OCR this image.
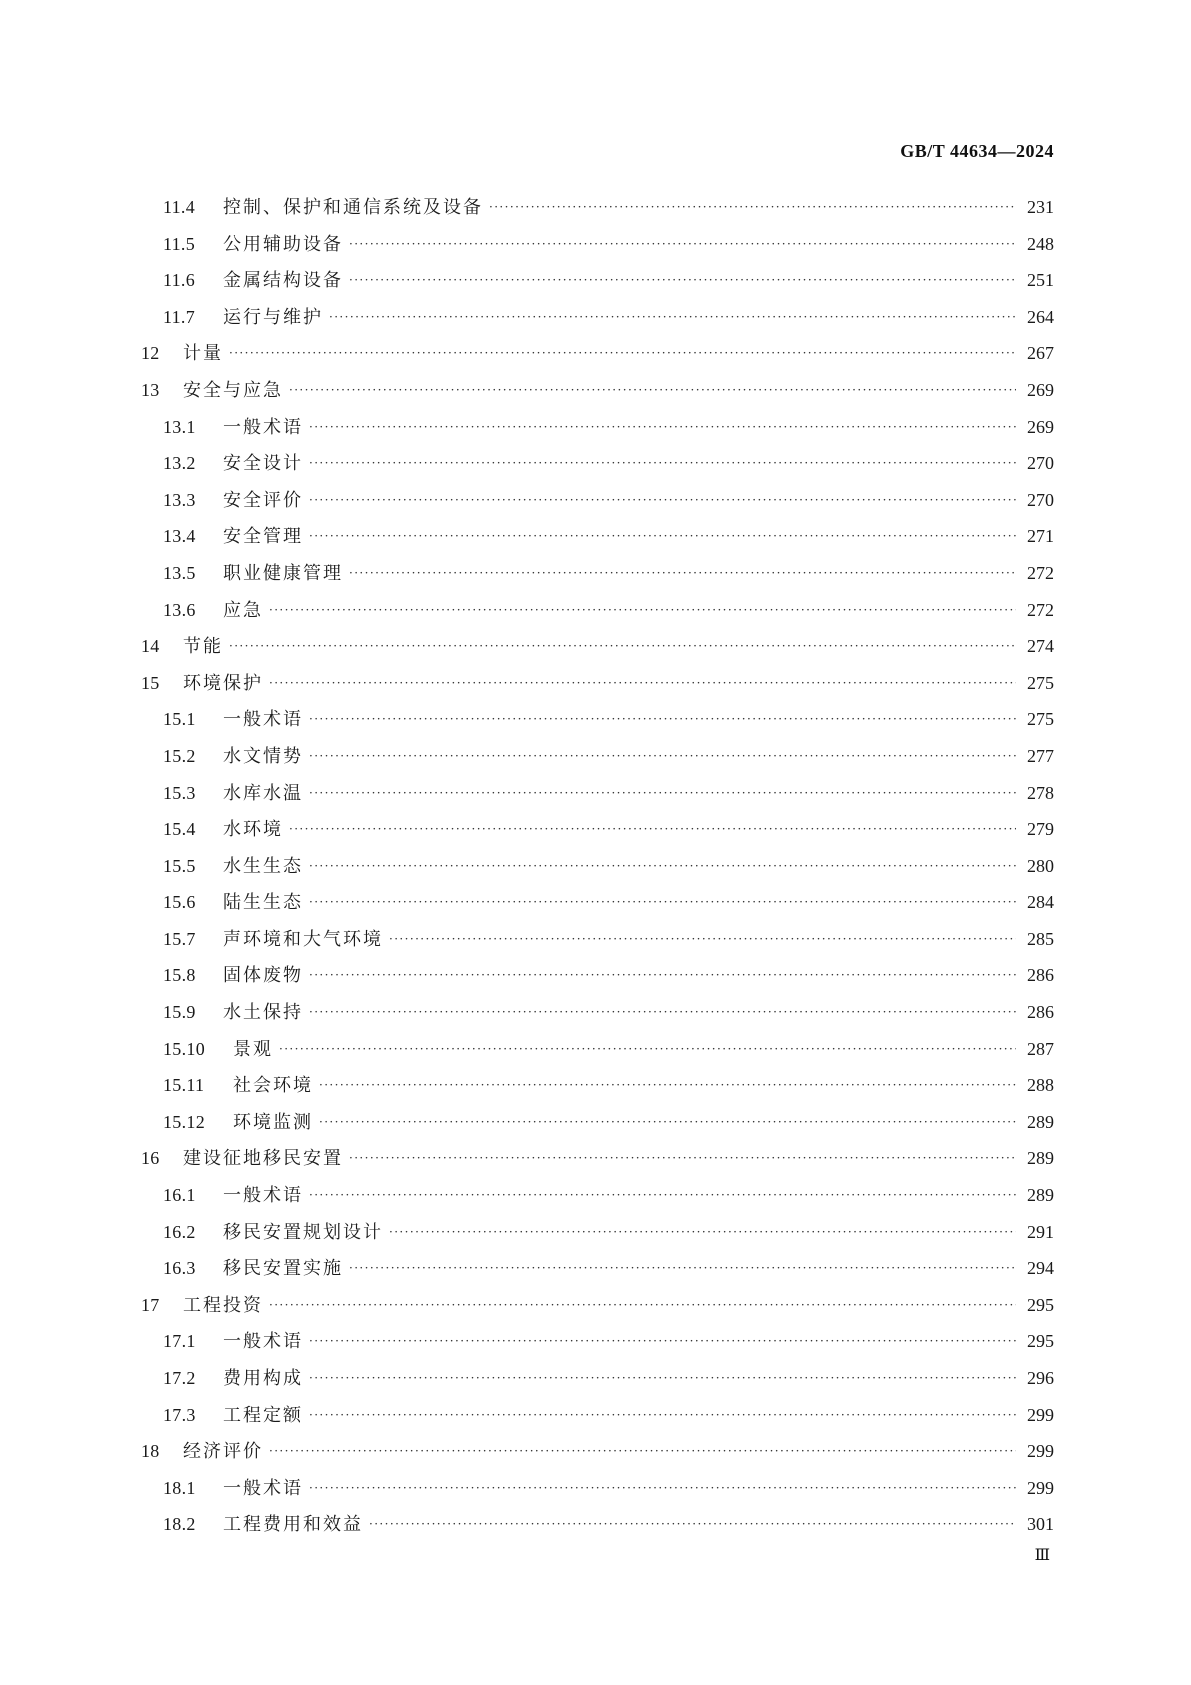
GB/T 44634—2024
11.4	控制、保护和通信系统及设备 ·····	231
11.5	公用辅助设备 ·····	248
11.6	金属结构设备 ·····	251
11.7	运行与维护 ·····	264
12	计量 ·····	267
13	安全与应急 ·····	269
13.1	一般术语 ·····	269
13.2	安全设计 ·····	270
13.3	安全评价 ·····	270
13.4	安全管理 ·····	271
13.5	职业健康管理 ·····	272
13.6	应急 ·····	272
14	节能 ·····	274
15	环境保护 ·····	275
15.1	一般术语 ·····	275
15.2	水文情势 ·····	277
15.3	水库水温 ·····	278
15.4	水环境 ·····	279
15.5	水生生态 ·····	280
15.6	陆生生态 ·····	284
15.7	声环境和大气环境 ·····	285
15.8	固体废物 ·····	286
15.9	水土保持 ·····	286
15.10	景观 ·····	287
15.11	社会环境 ·····	288
15.12	环境监测 ·····	289
16	建设征地移民安置 ·····	289
16.1	一般术语 ·····	289
16.2	移民安置规划设计 ·····	291
16.3	移民安置实施 ·····	294
17	工程投资 ·····	295
17.1	一般术语 ·····	295
17.2	费用构成 ·····	296
17.3	工程定额 ·····	299
18	经济评价 ·····	299
18.1	一般术语 ·····	299
18.2	工程费用和效益 ·····	301
Ⅲ
